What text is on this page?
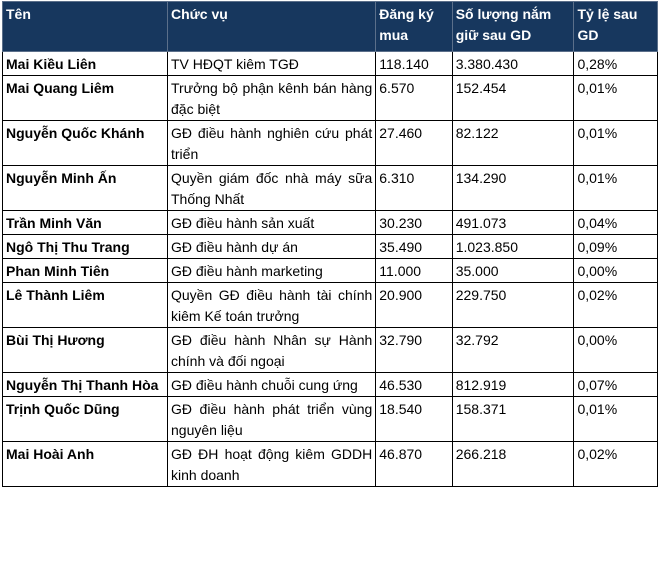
Tên	Chức vụ	Đăng ký mua	Số lượng nắm giữ sau GD	Tỷ lệ sau GD
Mai Kiều Liên	TV HĐQT kiêm TGĐ	118.140	3.380.430	0,28%
Mai Quang Liêm	Trưởng bộ phận kênh bán hàng đặc biệt	6.570	152.454	0,01%
Nguyễn Quốc Khánh	GĐ điều hành nghiên cứu phát triển	27.460	82.122	0,01%
Nguyễn Minh Ấn	Quyền giám đốc nhà máy sữa Thống Nhất	6.310	134.290	0,01%
Trần Minh Văn	GĐ điều hành sản xuất	30.230	491.073	0,04%
Ngô Thị Thu Trang	GĐ điều hành dự án	35.490	1.023.850	0,09%
Phan Minh Tiên	GĐ điều hành marketing	11.000	35.000	0,00%
Lê Thành Liêm	Quyền GĐ điều hành tài chính kiêm Kế toán trưởng	20.900	229.750	0,02%
Bùi Thị Hương	GĐ điều hành Nhân sự Hành chính và đối ngoại	32.790	32.792	0,00%
Nguyễn Thị Thanh Hòa	GĐ điều hành chuỗi cung ứng	46.530	812.919	0,07%
Trịnh Quốc Dũng	GĐ điều hành phát triển vùng nguyên liệu	18.540	158.371	0,01%
Mai Hoài Anh	GĐ ĐH hoạt động kiêm GDDH kinh doanh	46.870	266.218	0,02%
